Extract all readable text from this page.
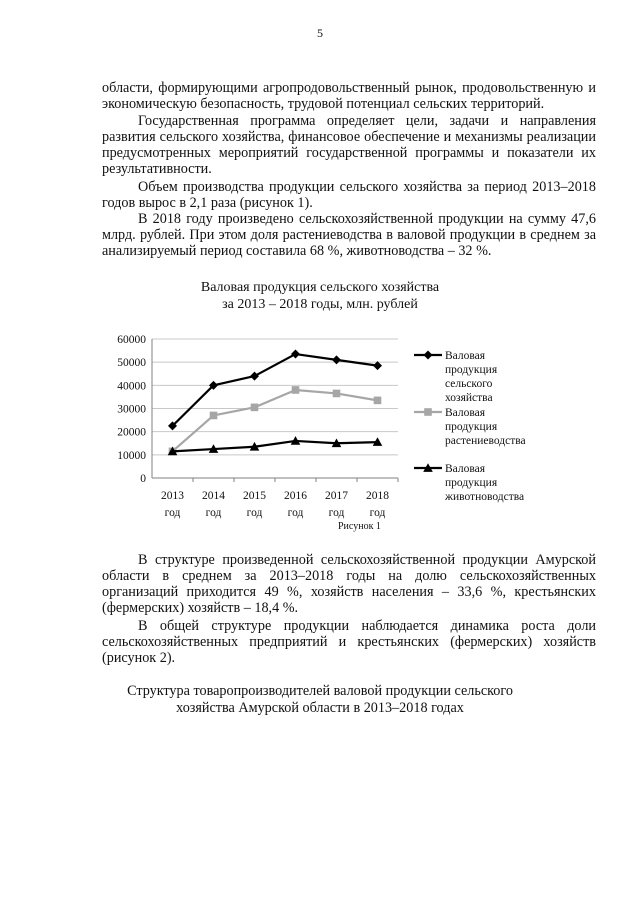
5

области, формирующими агропродовольственный рынок, продовольственную и экономическую безопасность, трудовой потенциал сельских территорий.

Государственная программа определяет цели, задачи и направления развития сельского хозяйства, финансовое обеспечение и механизмы реализации предусмотренных мероприятий государственной программы и показатели их результативности.

Объем производства продукции сельского хозяйства за период 2013–2018 годов вырос в 2,1 раза (рисунок 1).

В 2018 году произведено сельскохозяйственной продукции на сумму 47,6 млрд. рублей. При этом доля растениеводства в валовой продукции в среднем за анализируемый период составила 68 %, животноводства – 32 %.

Валовая продукция сельского хозяйства
за 2013 – 2018 годы, млн. рублей
0
10000
20000
30000
40000
50000
60000
2013
год
2014
год
2015
год
2016
год
2017
год
2018
год
Валовая
продукция
сельского
хозяйства
Валовая
продукция
растениеводства
Валовая
продукция
животноводства
Рисунок 1

В структуре произведенной сельскохозяйственной продукции Амурской области в среднем за 2013–2018 годы на долю сельскохозяйственных организаций приходится 49 %, хозяйств населения – 33,6 %, крестьянских (фермерских) хозяйств – 18,4 %.

В общей структуре продукции наблюдается динамика роста доли сельскохозяйственных предприятий и крестьянских (фермерских) хозяйств (рисунок 2).

Структура товаропроизводителей валовой продукции сельского
хозяйства Амурской области в 2013–2018 годах
